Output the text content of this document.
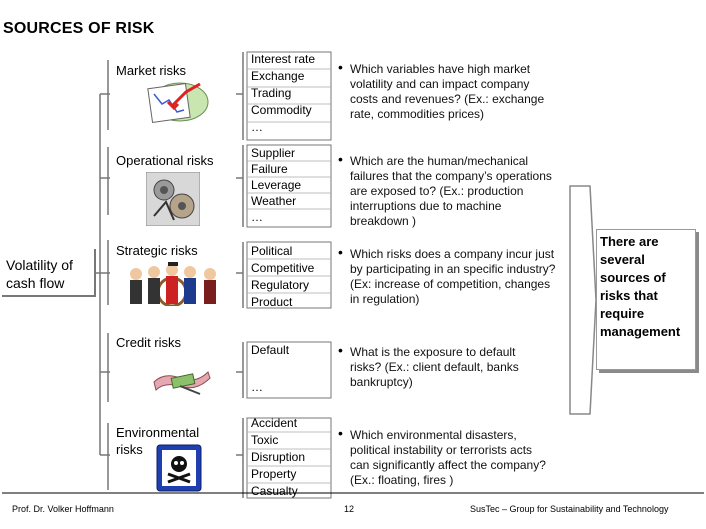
SOURCES OF RISK
Volatility of cash flow
Market risks
Operational risks
Strategic risks
Credit risks
Environmental risks
Interest rate
Exchange
Trading
Commodity
…
Supplier
Failure
Leverage
Weather
…
Political
Competitive
Regulatory
Product
Default
…
Accident
Toxic
Disruption
Property
Casualty
• Which variables have high market volatility and can impact company costs and revenues? (Ex.: exchange rate, commodities prices)
• Which are the human/mechanical failures that the company’s operations are exposed to? (Ex.: production interruptions due to machine breakdown )
• Which risks does a company incur just by participating in an specific industry? (Ex: increase of competition, changes in regulation)
• What is the exposure to default risks? (Ex.: client default, banks bankruptcy)
• Which environmental disasters, political instability or terrorists acts can significantly affect the company? (Ex.: floating, fires )
There are several sources of risks that require management
Prof. Dr. Volker Hoffmann	12	SusTec – Group for Sustainability and Technology
